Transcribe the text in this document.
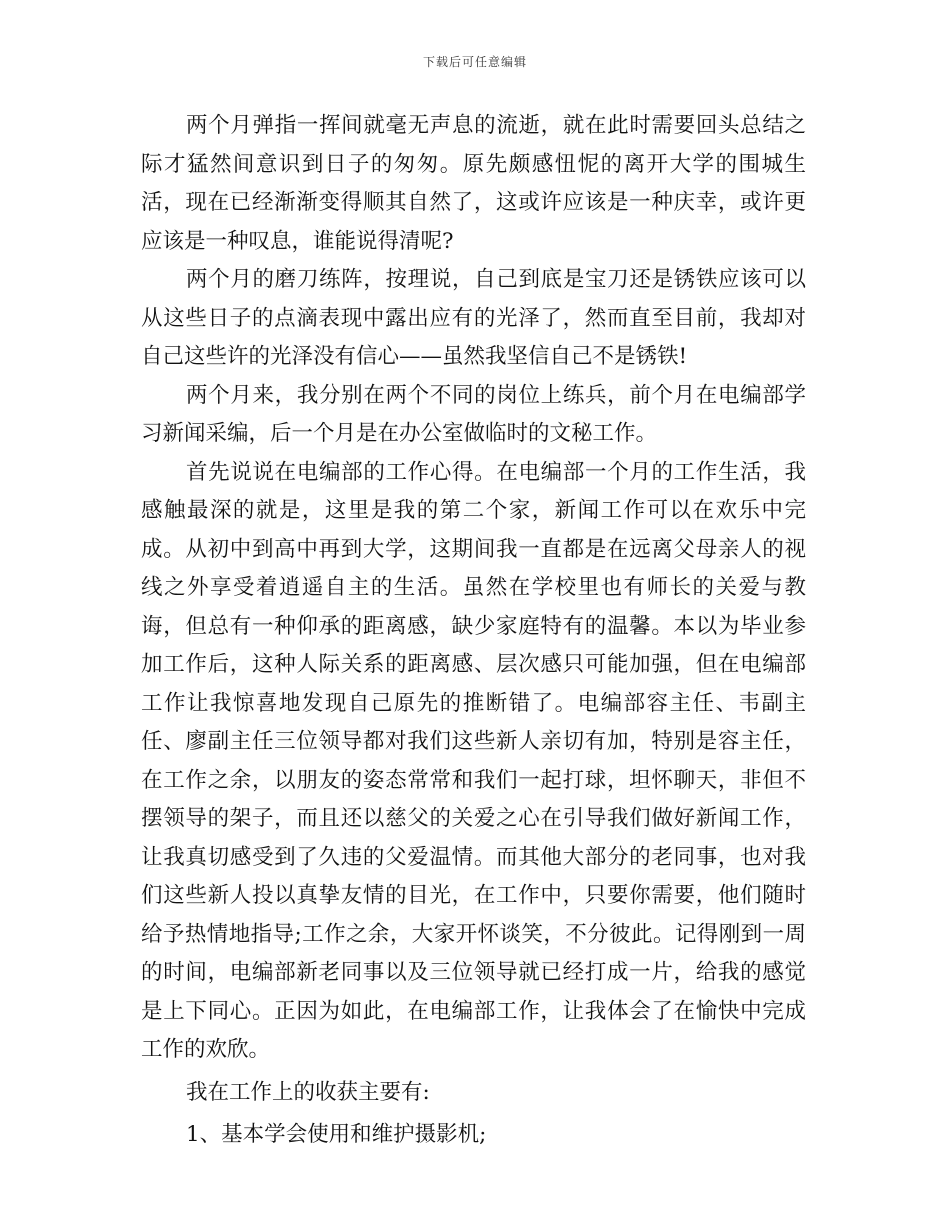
下载后可任意编辑

两个月弹指一挥间就毫无声息的流逝，就在此时需要回头总结之际才猛然间意识到日子的匆匆。原先颇感忸怩的离开大学的围城生活，现在已经渐渐变得顺其自然了，这或许应该是一种庆幸，或许更应该是一种叹息，谁能说得清呢?

两个月的磨刀练阵，按理说，自己到底是宝刀还是锈铁应该可以从这些日子的点滴表现中露出应有的光泽了，然而直至目前，我却对自己这些许的光泽没有信心——虽然我坚信自己不是锈铁!

两个月来，我分别在两个不同的岗位上练兵，前个月在电编部学习新闻采编，后一个月是在办公室做临时的文秘工作。

首先说说在电编部的工作心得。在电编部一个月的工作生活，我感触最深的就是，这里是我的第二个家，新闻工作可以在欢乐中完成。从初中到高中再到大学，这期间我一直都是在远离父母亲人的视线之外享受着逍遥自主的生活。虽然在学校里也有师长的关爱与教诲，但总有一种仰承的距离感，缺少家庭特有的温馨。本以为毕业参加工作后，这种人际关系的距离感、层次感只可能加强，但在电编部工作让我惊喜地发现自己原先的推断错了。电编部容主任、韦副主任、廖副主任三位领导都对我们这些新人亲切有加，特别是容主任，在工作之余，以朋友的姿态常常和我们一起打球，坦怀聊天，非但不摆领导的架子，而且还以慈父的关爱之心在引导我们做好新闻工作，让我真切感受到了久违的父爱温情。而其他大部分的老同事，也对我们这些新人投以真挚友情的目光，在工作中，只要你需要，他们随时给予热情地指导;工作之余，大家开怀谈笑，不分彼此。记得刚到一周的时间，电编部新老同事以及三位领导就已经打成一片，给我的感觉是上下同心。正因为如此，在电编部工作，让我体会了在愉快中完成工作的欢欣。

我在工作上的收获主要有:

1、基本学会使用和维护摄影机;
